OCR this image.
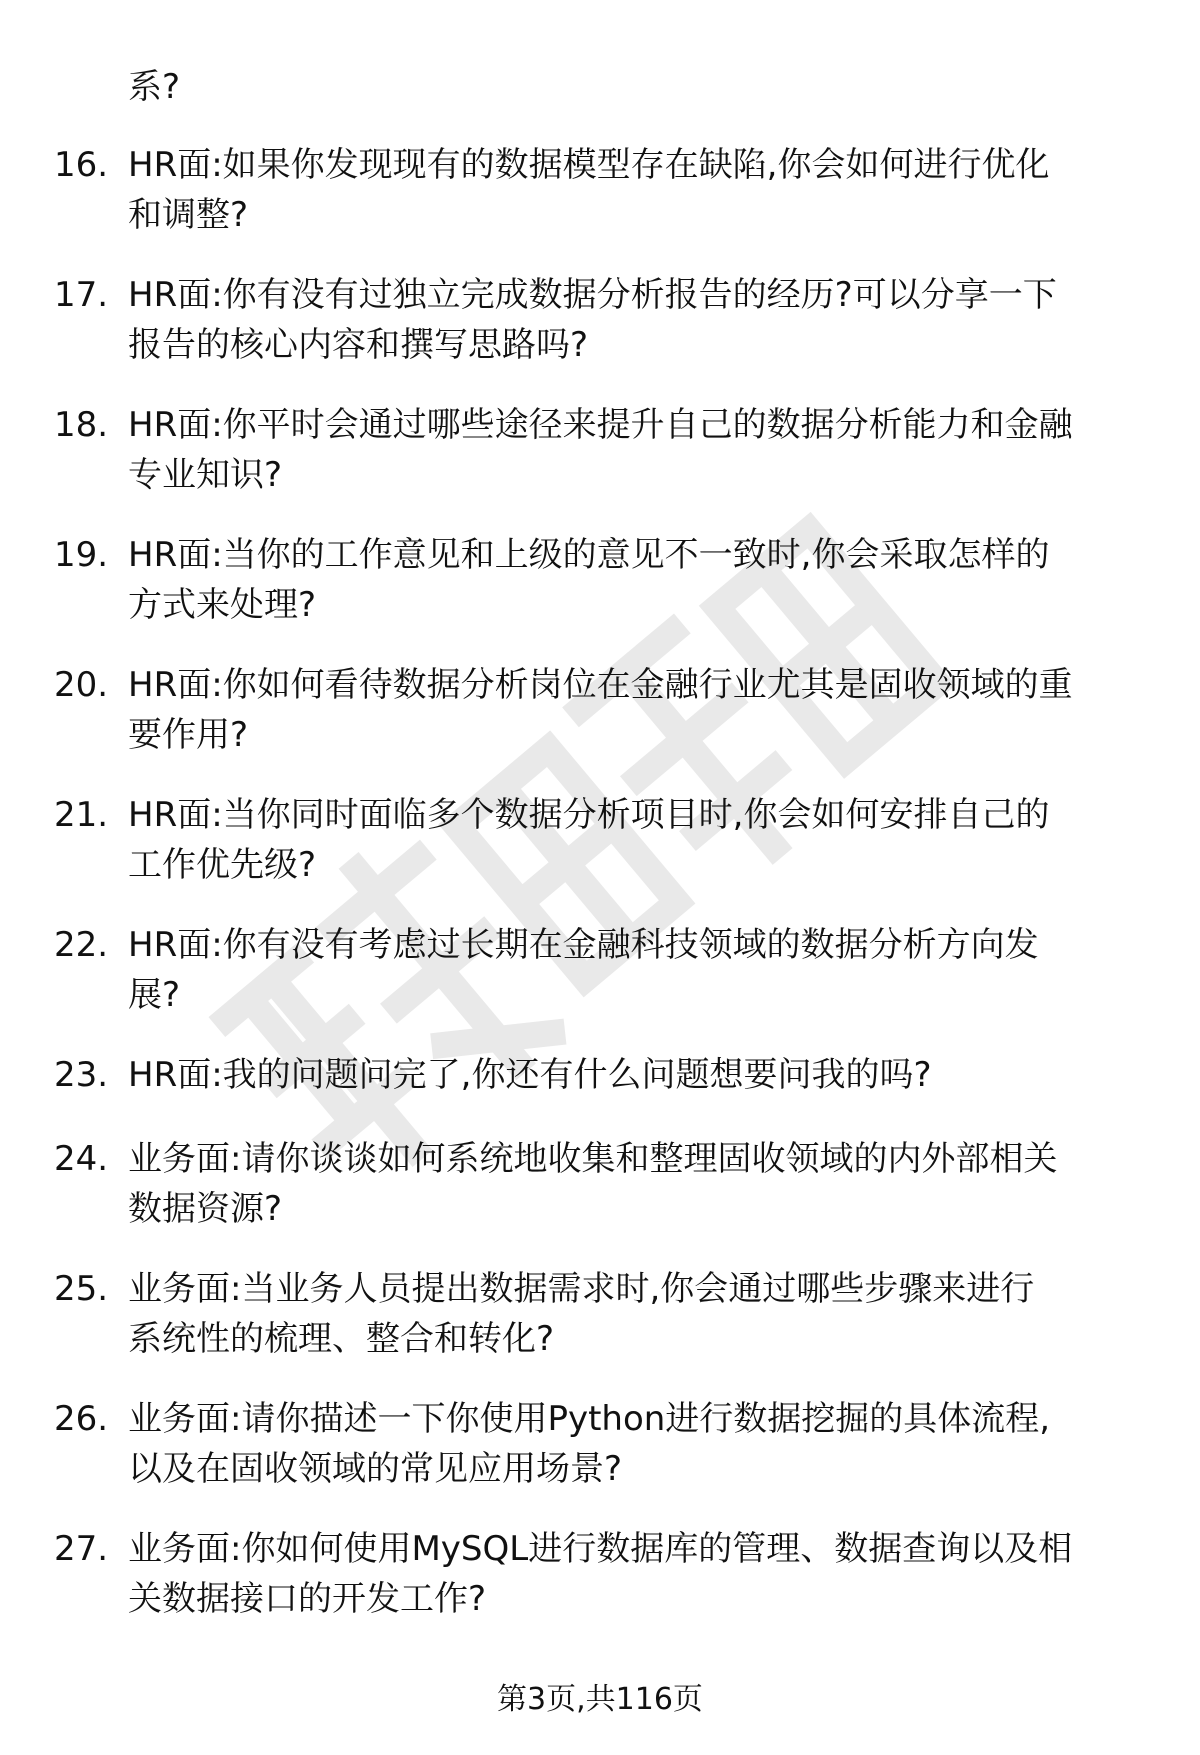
系?
16. HR面:如果你发现现有的数据模型存在缺陷,你会如何进行优化
和调整?
17. HR面:你有没有过独立完成数据分析报告的经历?可以分享一下
报告的核心内容和撰写思路吗?
18. HR面:你平时会通过哪些途径来提升自己的数据分析能力和金融
专业知识?
19. HR面:当你的工作意见和上级的意见不一致时,你会采取怎样的
方式来处理?
20. HR面:你如何看待数据分析岗位在金融行业尤其是固收领域的重
要作用?
21. HR面:当你同时面临多个数据分析项目时,你会如何安排自己的
工作优先级?
22. HR面:你有没有考虑过长期在金融科技领域的数据分析方向发
展?
23. HR面:我的问题问完了,你还有什么问题想要问我的吗?
24. 业务面:请你谈谈如何系统地收集和整理固收领域的内外部相关
数据资源?
25. 业务面:当业务人员提出数据需求时,你会通过哪些步骤来进行
系统性的梳理、整合和转化?
26. 业务面:请你描述一下你使用Python进行数据挖掘的具体流程,
以及在固收领域的常见应用场景?
27. 业务面:你如何使用MySQL进行数据库的管理、数据查询以及相
关数据接口的开发工作?
第3页,共116页
